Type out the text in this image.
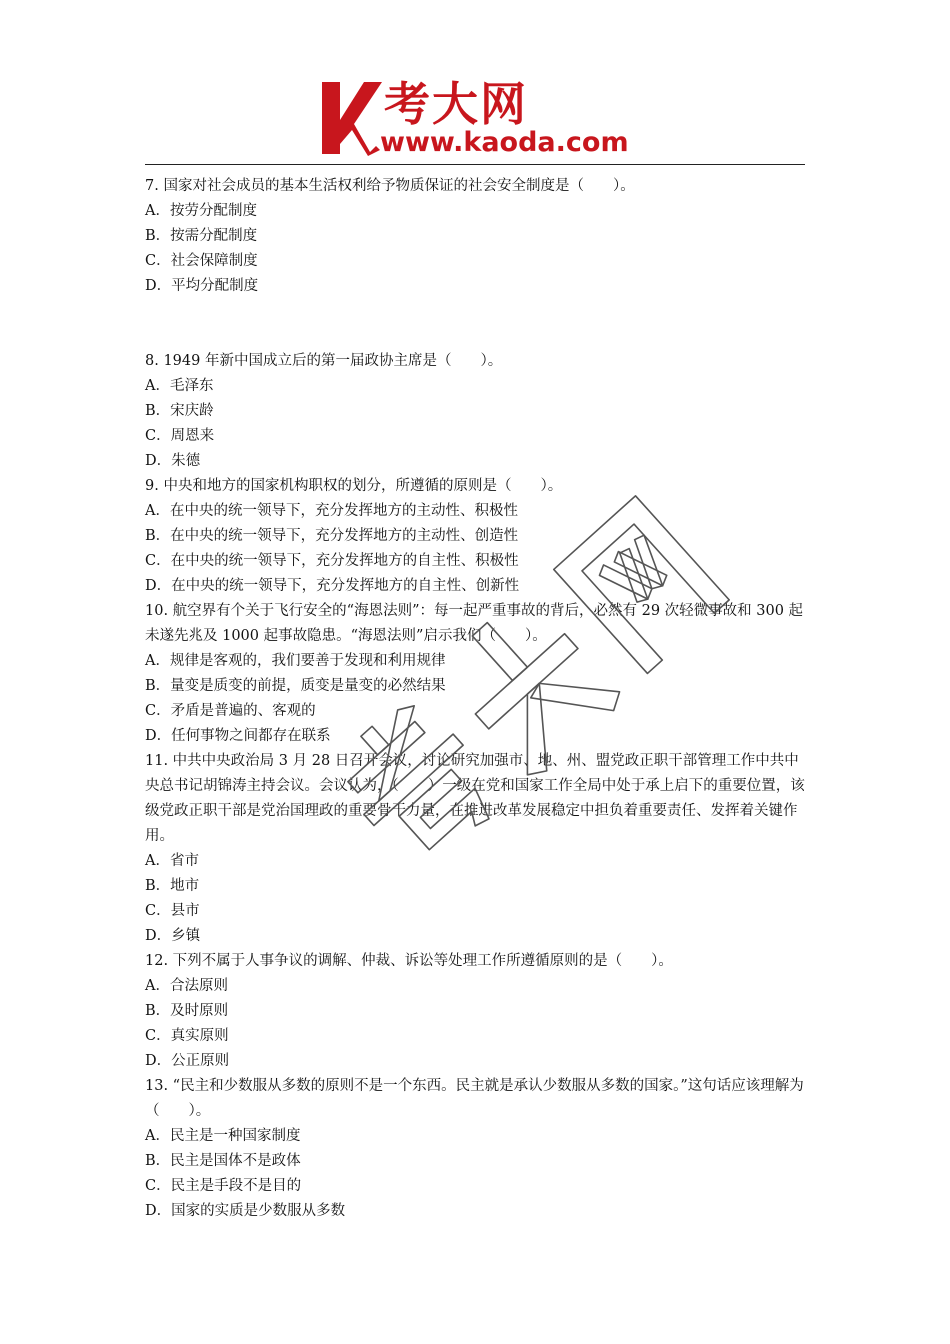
考大网
www.kaoda.com

7. 国家对社会成员的基本生活权利给予物质保证的社会安全制度是（　　）。

A．按劳分配制度

B．按需分配制度

C．社会保障制度

D．平均分配制度

8. 1949 年新中国成立后的第一届政协主席是（　　）。

A．毛泽东

B．宋庆龄

C．周恩来

D．朱德

9. 中央和地方的国家机构职权的划分，所遵循的原则是（　　）。

A．在中央的统一领导下，充分发挥地方的主动性、积极性

B．在中央的统一领导下，充分发挥地方的主动性、创造性

C．在中央的统一领导下，充分发挥地方的自主性、积极性

D．在中央的统一领导下，充分发挥地方的自主性、创新性

10. 航空界有个关于飞行安全的“海恩法则”：每一起严重事故的背后，必然有 29 次轻微事故和 300 起未遂先兆及 1000 起事故隐患。“海恩法则”启示我们（　　）。

A．规律是客观的，我们要善于发现和利用规律

B．量变是质变的前提，质变是量变的必然结果

C．矛盾是普遍的、客观的

D．任何事物之间都存在联系

11. 中共中央政治局 3 月 28 日召开会议，讨论研究加强市、地、州、盟党政正职干部管理工作中共中央总书记胡锦涛主持会议。会议认为，（　　）一级在党和国家工作全局中处于承上启下的重要位置，该级党政正职干部是党治国理政的重要骨干力量，在推进改革发展稳定中担负着重要责任、发挥着关键作用。

A．省市

B．地市

C．县市

D．乡镇

12. 下列不属于人事争议的调解、仲裁、诉讼等处理工作所遵循原则的是（　　）。

A．合法原则

B．及时原则

C．真实原则

D．公正原则

13. “民主和少数服从多数的原则不是一个东西。民主就是承认少数服从多数的国家。”这句话应该理解为（　　）。

A．民主是一种国家制度

B．民主是国体不是政体

C．民主是手段不是目的

D．国家的实质是少数服从多数
